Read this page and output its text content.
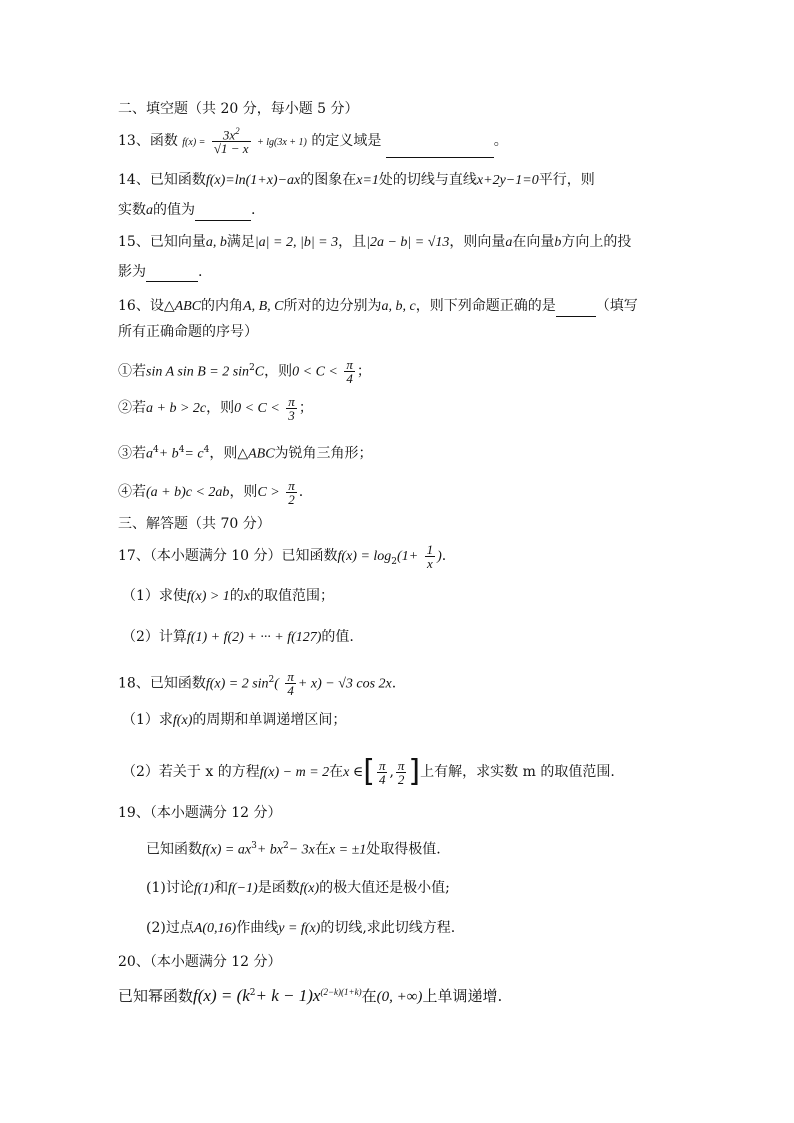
二、填空题（共 20 分，每小题 5 分）
13、函数 $f(x) = \frac{3x^2}{√1 - x} + \lg(3x + 1)$ 的定义域是	。
14、已知函数f(x)=ln(1+x)−ax的图象在x=1处的切线与直线x+2y−1=0平行，则
实数a的值为	.
15、已知向量a, b满足|a| = 2, |b| = 3，且|2a − b| = √13，则向量a在向量b方向上的投
影为	.
16、设△ABC的内角A, B, C所对的边分别为a, b, c，则下列命题正确的是	（填写
所有正确命题的序号）
①若sin A sin B = 2 $\sin^2C$，则$0 < C < \frac{\pi}{4}$ ；
②若a + b > 2c，则$0 < C < \frac{\pi}{3}$ ；
③若$a^4+ b^4= c^4$，则△ABC为锐角三角形；
④若(a + b)c < 2ab，则$C > \frac{\pi}{2}$ .
三、解答题（共 70 分）
17、（本小题满分 10 分）已知函数$f(x) = \log_2(1+ \frac{1}{x}$ ).
（1）求使f(x) > 1的x的取值范围；
（2）计算f(1) + f(2) + ··· + f(127)的值.
18、已知函数f(x) = 2 $\sin^2( \frac{\pi}{4} + x) - √3$ cos 2x.
（1）求f(x)的周期和单调递增区间；
（2）若关于 x 的方程f(x) − m = 2在x ∈[ $\frac{\pi}{4}$ , $\frac{\pi}{2}$ ]上有解，求实数 m 的取值范围.
19、（本小题满分 12 分）
已知函数$f(x) = ax^3+ bx^2- 3x$在x = ±1处取得极值.
(1)讨论f(1)和f(−1)是函数f(x)的极大值还是极小值;
(2)过点A(0,16)作曲线y = f(x)的切线,求此切线方程.
20、（本小题满分 12 分）
已知幂函数$f(x) = (k^2+ k - 1)x^{(2-k)(1+k)}$在(0, +∞)上单调递增.
